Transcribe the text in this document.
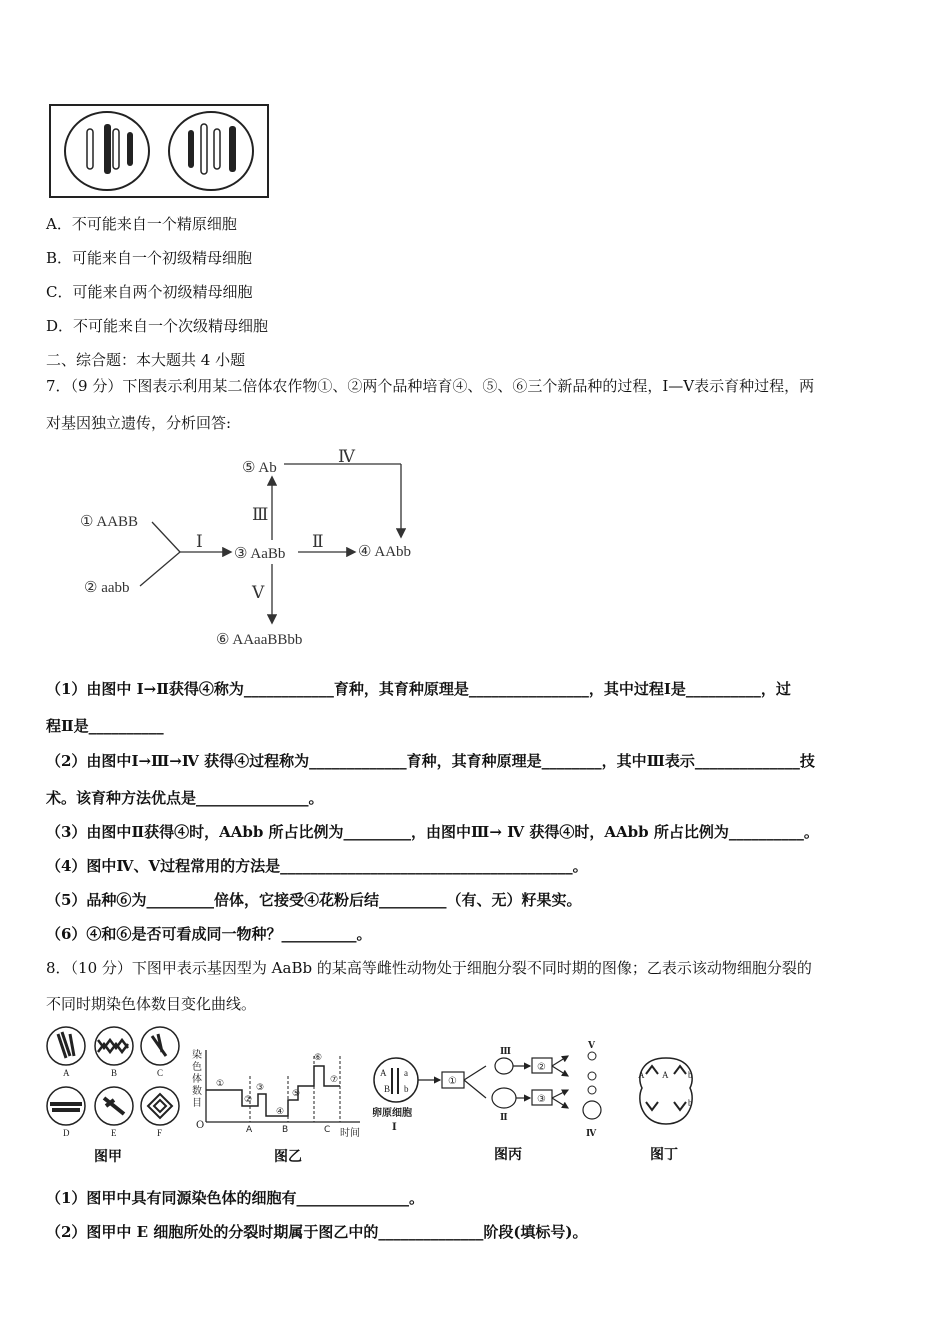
A．不可能来自一个精原细胞
B．可能来自一个初级精母细胞
C．可能来自两个初级精母细胞
D．不可能来自一个次级精母细胞
二、综合题：本大题共 4 小题
7．（9 分）下图表示利用某二倍体农作物①、②两个品种培育④、⑤、⑥三个新品种的过程，Ⅰ—Ⅴ表示育种过程，两
对基因独立遗传，分析回答:
① AABB
② aabb
Ⅰ
③ AaBb
Ⅲ
Ⅴ
Ⅱ
④ AAbb
⑤ Ab
Ⅳ
⑥ AAaaBBbb
（1）由图中 Ⅰ→Ⅱ获得④称为____________育种，其育种原理是________________，其中过程Ⅰ是__________，过
程Ⅱ是__________
（2）由图中Ⅰ→Ⅲ→Ⅳ 获得④过程称为_____________育种，其育种原理是________，其中Ⅲ表示______________技
术。该育种方法优点是_______________。
（3）由图中Ⅱ获得④时，AAbb 所占比例为_________，由图中Ⅲ→ Ⅳ 获得④时，AAbb 所占比例为__________。
（4）图中Ⅳ、Ⅴ过程常用的方法是_______________________________________。
（5）品种⑥为_________倍体，它接受④花粉后结_________（有、无）籽果实。
（6）④和⑥是否可看成同一物种？__________。
8．（10 分）下图甲表示基因型为 AaBb 的某高等雌性动物处于细胞分裂不同时期的图像；乙表示该动物细胞分裂的
不同时期染色体数目变化曲线。
A	B	C
D	E	F
图甲
染
色
体
数
目
O
时间
①
②
③
④
⑤
⑥
⑦
A	B	C
图乙
A a
B b
卵原细胞
Ⅰ
①
Ⅲ
Ⅱ
②
③
Ⅴ
Ⅳ
图丙
A A b
b
图丁
（1）图甲中具有同源染色体的细胞有_______________。
（2）图甲中 E 细胞所处的分裂时期属于图乙中的______________阶段(填标号)。
